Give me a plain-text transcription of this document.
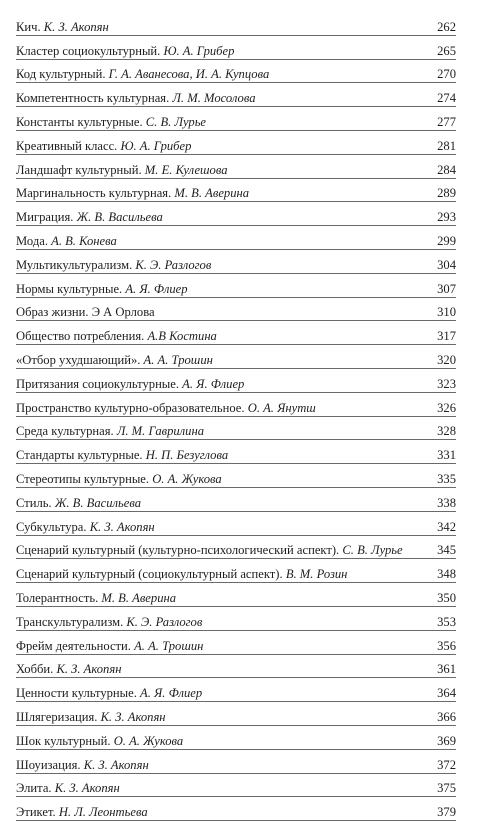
Кич. К. З. Акопян	262
Кластер социокультурный. Ю. А. Грибер	265
Код культурный. Г. А. Аванесова, И. А. Купцова	270
Компетентность культурная. Л. М. Мосолова	274
Константы культурные. С. В. Лурье	277
Креативный класс. Ю. А. Грибер	281
Ландшафт культурный. М. Е. Кулешова	284
Маргинальность культурная. М. В. Аверина	289
Миграция. Ж. В. Васильева	293
Мода. А. В. Конева	299
Мультикультурализм. К. Э. Разлогов	304
Нормы культурные. А. Я. Флиер	307
Образ жизни. Э А Орлова	310
Общество потребления. А.В Костина	317
«Отбор ухудшающий». А. А. Трошин	320
Притязания социокультурные. А. Я. Флиер	323
Пространство культурно-образовательное. О. А. Янутш	326
Среда культурная. Л. М. Гаврилина	328
Стандарты культурные. Н. П. Безуглова	331
Стереотипы культурные. О. А. Жукова	335
Стиль. Ж. В. Васильева	338
Субкультура. К. З. Акопян	342
Сценарий культурный (культурно-психологический аспект). С. В. Лурье	345
Сценарий культурный (социокультурный аспект). В. М. Розин	348
Толерантность. М. В. Аверина	350
Транскультурализм. К. Э. Разлогов	353
Фрейм деятельности. А. А. Трошин	356
Хобби. К. З. Акопян	361
Ценности культурные. А. Я. Флиер	364
Шлягеризация. К. З. Акопян	366
Шок культурный. О. А. Жукова	369
Шоуизация. К. З. Акопян	372
Элита. К. З. Акопян	375
Этикет. Н. Л. Леонтьева	379
